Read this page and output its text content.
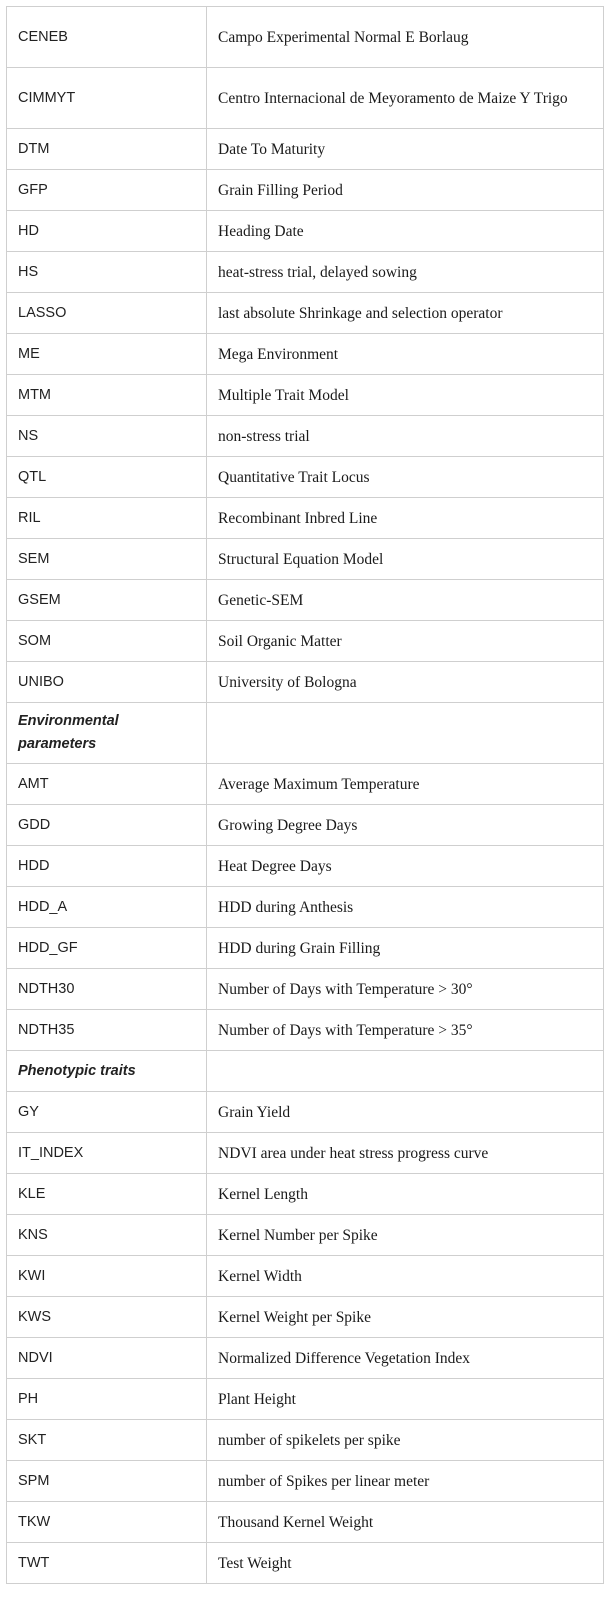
CENEB	Campo Experimental Normal E Borlaug
CIMMYT	Centro Internacional de Meyoramento de Maize Y Trigo
DTM	Date To Maturity
GFP	Grain Filling Period
HD	Heading Date
HS	heat-stress trial, delayed sowing
LASSO	last absolute Shrinkage and selection operator
ME	Mega Environment
MTM	Multiple Trait Model
NS	non-stress trial
QTL	Quantitative Trait Locus
RIL	Recombinant Inbred Line
SEM	Structural Equation Model
GSEM	Genetic-SEM
SOM	Soil Organic Matter
UNIBO	University of Bologna
Environmental parameters	
AMT	Average Maximum Temperature
GDD	Growing Degree Days
HDD	Heat Degree Days
HDD_A	HDD during Anthesis
HDD_GF	HDD during Grain Filling
NDTH30	Number of Days with Temperature > 30°
NDTH35	Number of Days with Temperature > 35°
Phenotypic traits	
GY	Grain Yield
IT_INDEX	NDVI area under heat stress progress curve
KLE	Kernel Length
KNS	Kernel Number per Spike
KWI	Kernel Width
KWS	Kernel Weight per Spike
NDVI	Normalized Difference Vegetation Index
PH	Plant Height
SKT	number of spikelets per spike
SPM	number of Spikes per linear meter
TKW	Thousand Kernel Weight
TWT	Test Weight
